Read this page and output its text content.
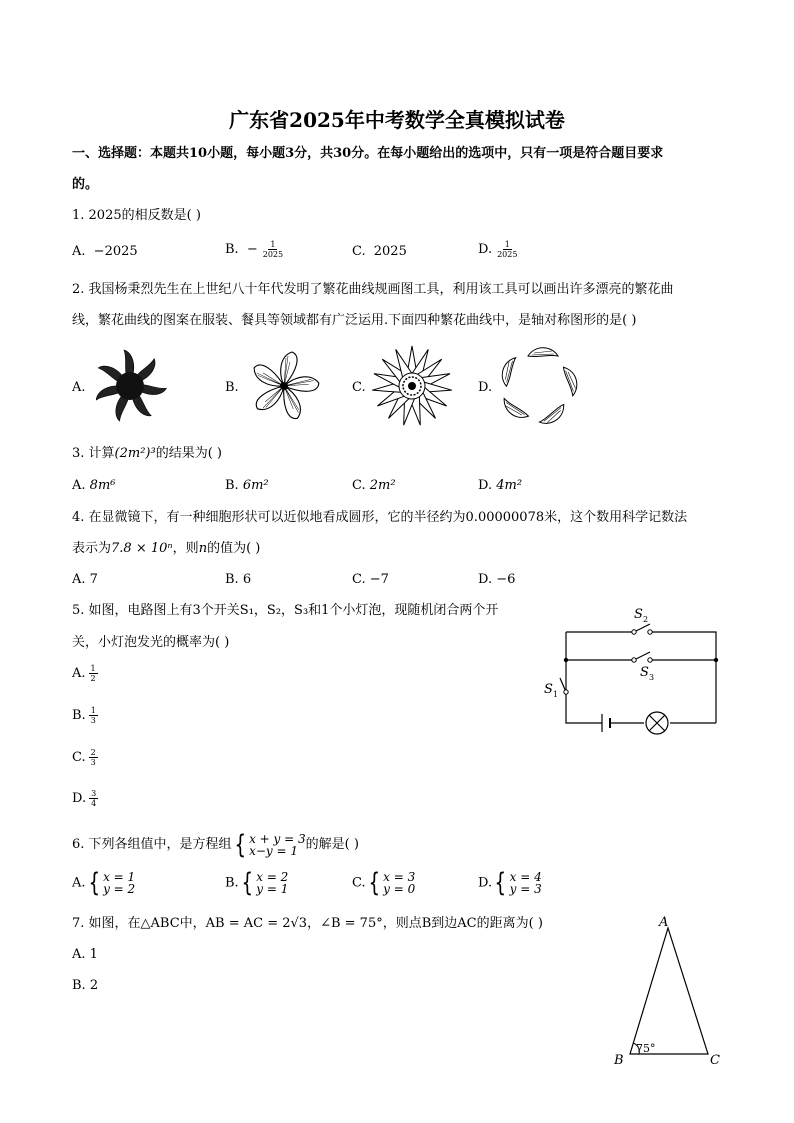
广东省2025年中考数学全真模拟试卷
一、选择题：本题共10小题，每小题3分，共30分。在每小题给出的选项中，只有一项是符合题目要求
的。
1. 2025的相反数是( )
A. −2025	B. − $\frac{1}{2025}$	C. 2025	D. $\frac{1}{2025}$
2. 我国杨秉烈先生在上世纪八十年代发明了繁花曲线规画图工具，利用该工具可以画出许多漂亮的繁花曲
线，繁花曲线的图案在服装、餐具等领域都有广泛运用.下面四种繁花曲线中，是轴对称图形的是( )
A.	B.	C.	D.
3. 计算(2m²)³的结果为( )
A. 8m⁶	B. 6m²	C. 2m²	D. 4m²
4. 在显微镜下，有一种细胞形状可以近似地看成圆形，它的半径约为0.00000078米，这个数用科学记数法
表示为7.8 × 10ⁿ，则n的值为( )
A. 7	B. 6	C. −7	D. −6
5. 如图，电路图上有3个开关S₁，S₂，S₃和1个小灯泡，现随机闭合两个开
关，小灯泡发光的概率为( )
A. $\frac{1}{2}$
B. $\frac{1}{3}$
C. $\frac{2}{3}$
D. $\frac{3}{4}$
S 2
S 3
S 1
6. 下列各组值中，是方程组 { x + y = 3
x−y = 1 的解是( )
A. { x = 1
y = 2	B. { x = 2
y = 1	C. { x = 3
y = 0	D. { x = 4
y = 3
7. 如图，在△ABC中，AB = AC = 2√3，∠B = 75°，则点B到边AC的距离为( )
A. 1
B. 2
A
B	C
75°
